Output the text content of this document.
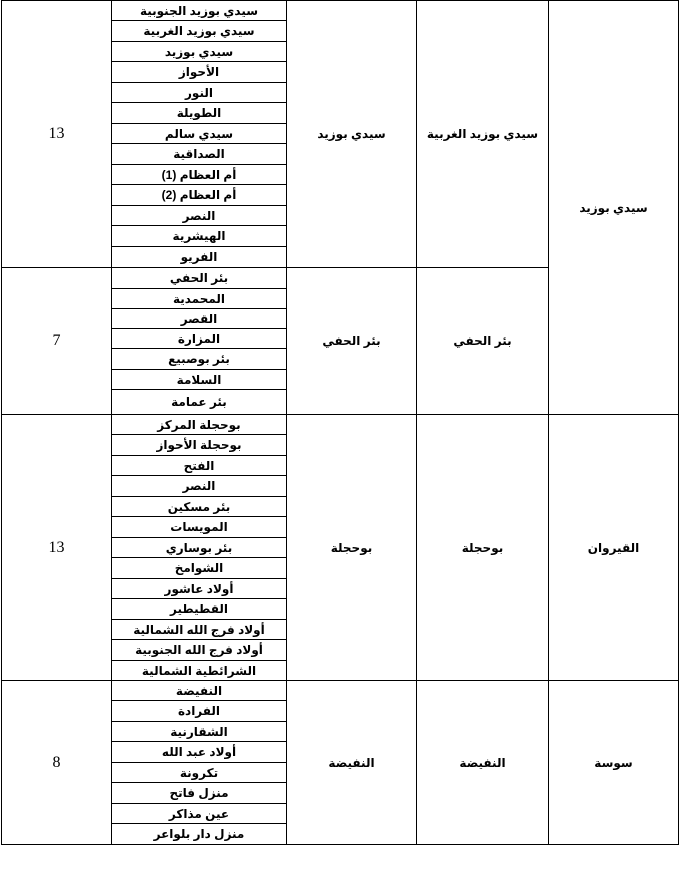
13	سيدي بوزيد الجنوبية	سيدي بوزيد	سيدي بوزيد الغربية	سيدي بوزيد
	سيدي بوزيد الغربية			
	سيدي بوزيد			
	الأحواز			
	النور			
	الطويلة			
	سيدي سالم			
	الصداقية			
	أم العظام (1)			
	أم العظام (2)			
	النصر			
	الهيشرية			
	الفريو			
7	بئر الحفي	بئر الحفي	بئر الحفي	
	المحمدية			
	القصر			
	المزارة			
	بئر بوصبيع			
	السلامة			
	بئر عمامة			
13	بوحجلة المركز	بوحجلة	بوحجلة	القيروان
	بوحجلة الأحواز			
	الفتح			
	النصر			
	بئر مسكين			
	المويسات			
	بئر بوساري			
	الشوامخ			
	أولاد عاشور			
	القطيطير			
	أولاد فرج الله الشمالية			
	أولاد فرج الله الجنوبية			
	الشرائطية الشمالية			
8	النفيضة	النفيضة	النفيضة	سوسة
	الفرادة			
	الشقارنية			
	أولاد عبد الله			
	تكرونة			
	منزل فاتح			
	عين مذاكر			
	منزل دار بلواعر			
